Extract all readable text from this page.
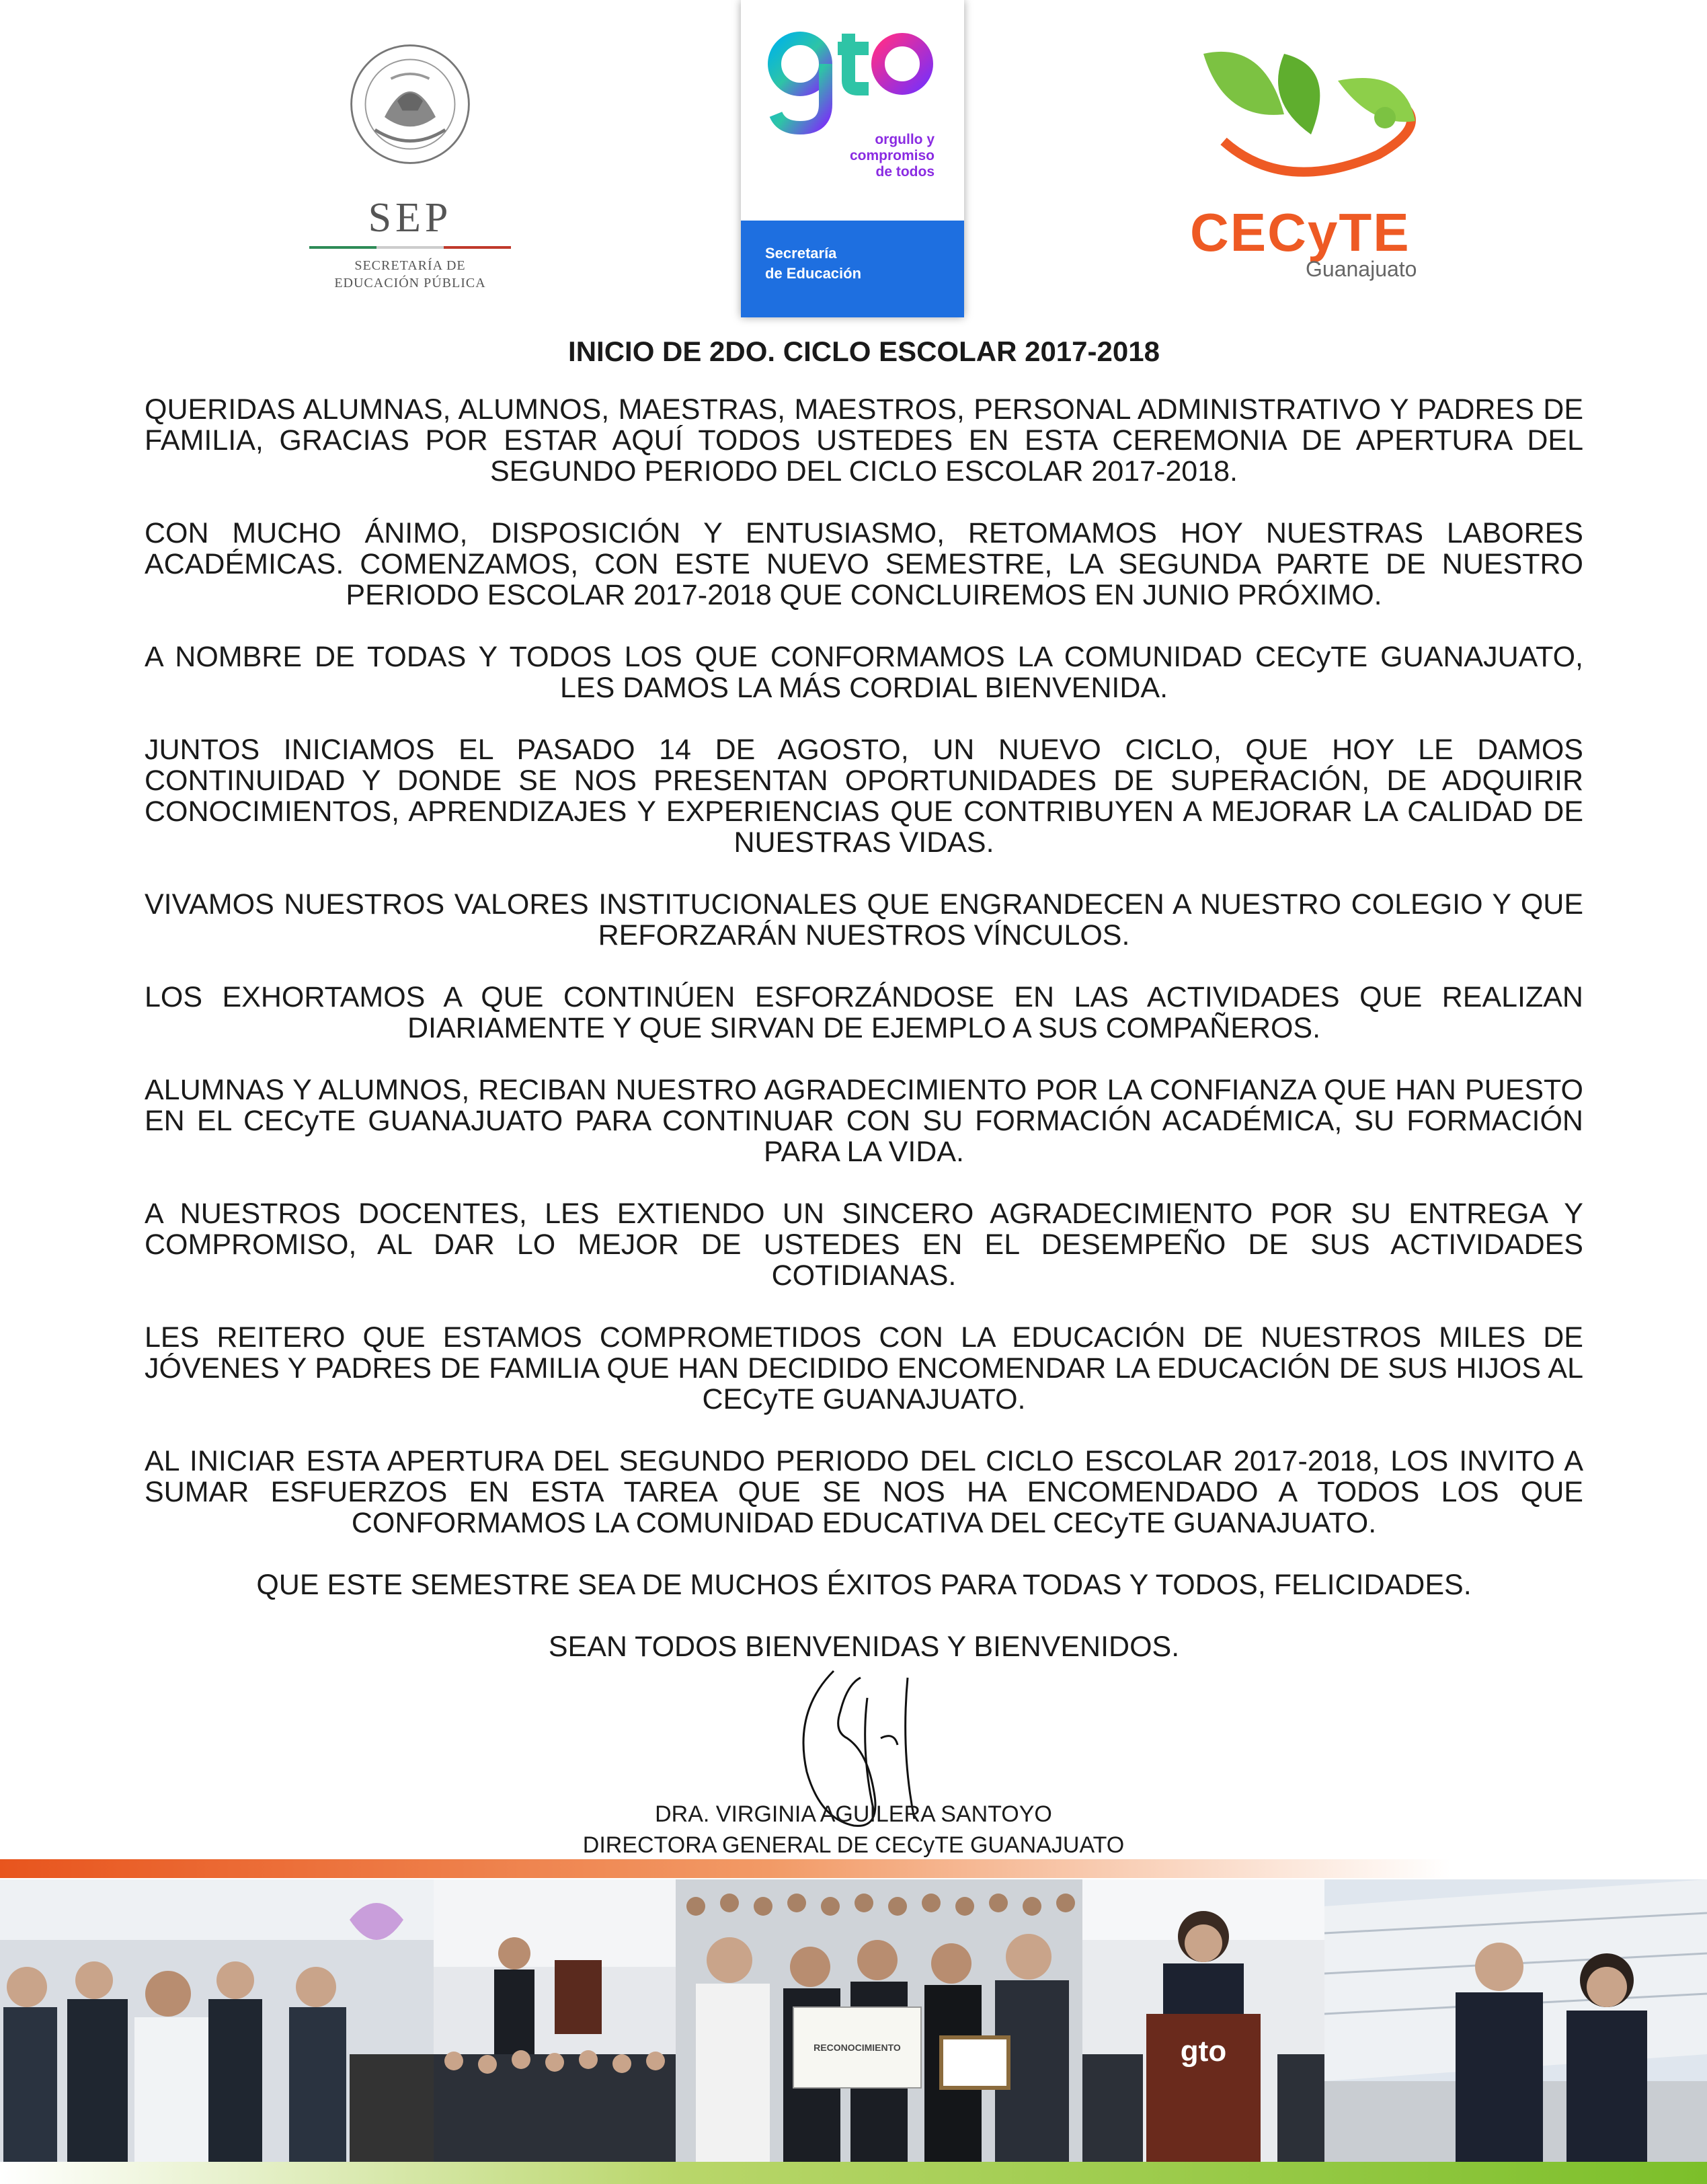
SEP
SECRETARÍA DE
EDUCACIÓN PÚBLICA
orgullo y
compromiso
de todos
Secretaría
de Educación
CECyTE
Guanajuato
INICIO DE 2DO. CICLO ESCOLAR 2017-2018
QUERIDAS ALUMNAS, ALUMNOS, MAESTRAS, MAESTROS, PERSONAL ADMINISTRATIVO Y PADRES DE FAMILIA, GRACIAS POR ESTAR AQUÍ TODOS USTEDES EN ESTA CEREMONIA DE APERTURA DEL SEGUNDO PERIODO DEL CICLO ESCOLAR 2017-2018.
CON MUCHO ÁNIMO, DISPOSICIÓN Y ENTUSIASMO, RETOMAMOS HOY NUESTRAS LABORES ACADÉMICAS. COMENZAMOS, CON ESTE NUEVO SEMESTRE, LA SEGUNDA PARTE DE NUESTRO PERIODO ESCOLAR 2017-2018 QUE CONCLUIREMOS EN JUNIO PRÓXIMO.
A NOMBRE DE TODAS Y TODOS LOS QUE CONFORMAMOS LA COMUNIDAD CECyTE GUANAJUATO, LES DAMOS LA MÁS CORDIAL BIENVENIDA.
JUNTOS INICIAMOS EL PASADO 14 DE AGOSTO, UN NUEVO CICLO, QUE HOY LE DAMOS CONTINUIDAD Y DONDE SE NOS PRESENTAN OPORTUNIDADES DE SUPERACIÓN, DE ADQUIRIR CONOCIMIENTOS, APRENDIZAJES Y EXPERIENCIAS QUE CONTRIBUYEN A MEJORAR LA CALIDAD DE NUESTRAS VIDAS.
VIVAMOS NUESTROS VALORES INSTITUCIONALES QUE ENGRANDECEN A NUESTRO COLEGIO Y QUE REFORZARÁN NUESTROS VÍNCULOS.
LOS EXHORTAMOS A QUE CONTINÚEN ESFORZÁNDOSE EN LAS ACTIVIDADES QUE REALIZAN DIARIAMENTE Y QUE SIRVAN DE EJEMPLO A SUS COMPAÑEROS.
ALUMNAS Y ALUMNOS, RECIBAN NUESTRO AGRADECIMIENTO POR LA CONFIANZA QUE HAN PUESTO EN EL CECyTE GUANAJUATO PARA CONTINUAR CON SU FORMACIÓN ACADÉMICA, SU FORMACIÓN PARA LA VIDA.
A NUESTROS DOCENTES, LES EXTIENDO UN SINCERO AGRADECIMIENTO POR SU ENTREGA Y COMPROMISO, AL DAR LO MEJOR DE USTEDES EN EL DESEMPEÑO DE SUS ACTIVIDADES COTIDIANAS.
LES REITERO QUE ESTAMOS COMPROMETIDOS CON LA EDUCACIÓN DE NUESTROS MILES DE JÓVENES Y PADRES DE FAMILIA QUE HAN DECIDIDO ENCOMENDAR LA EDUCACIÓN DE SUS HIJOS AL CECyTE GUANAJUATO.
AL INICIAR ESTA APERTURA DEL SEGUNDO PERIODO DEL CICLO ESCOLAR 2017-2018, LOS INVITO A SUMAR ESFUERZOS EN ESTA TAREA QUE SE NOS HA ENCOMENDADO A TODOS LOS QUE CONFORMAMOS LA COMUNIDAD EDUCATIVA DEL CECyTE GUANAJUATO.
QUE ESTE SEMESTRE SEA DE MUCHOS ÉXITOS PARA TODAS Y TODOS, FELICIDADES.
SEAN TODOS BIENVENIDAS Y BIENVENIDOS.
DRA. VIRGINIA AGUILERA SANTOYO
DIRECTORA GENERAL DE CECyTE GUANAJUATO
RECONOCIMIENTO	gto
